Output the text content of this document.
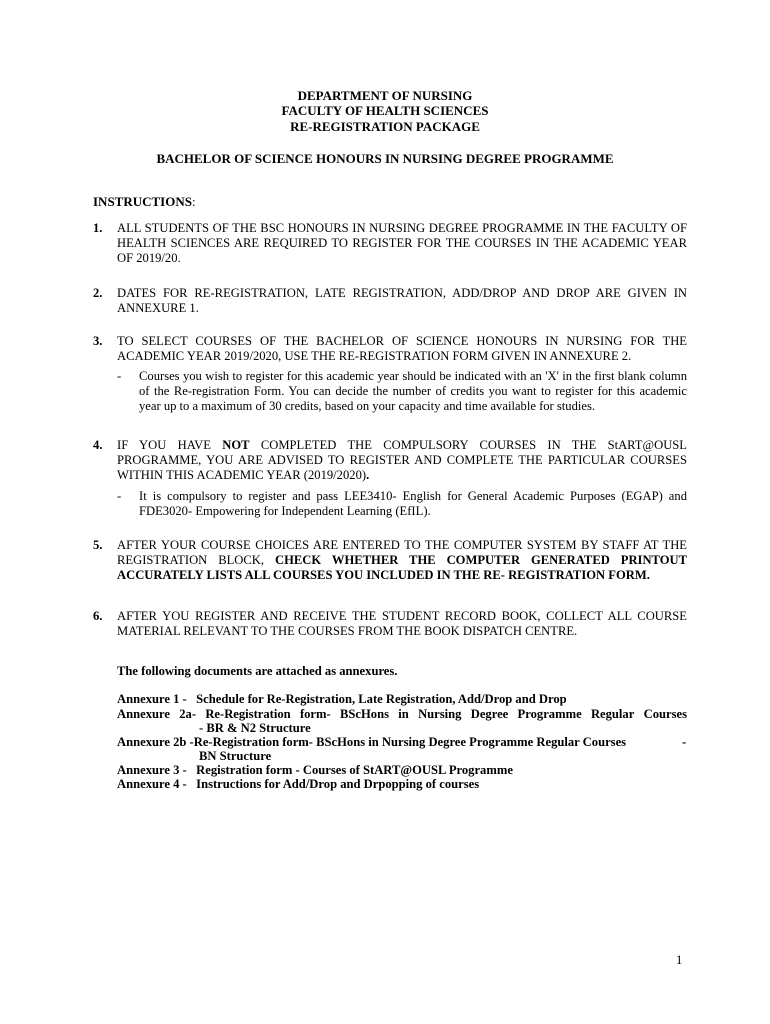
DEPARTMENT OF NURSING
FACULTY OF HEALTH SCIENCES
RE-REGISTRATION PACKAGE
BACHELOR OF SCIENCE HONOURS IN NURSING DEGREE PROGRAMME
INSTRUCTIONS:
1. ALL STUDENTS OF THE BSC HONOURS IN NURSING DEGREE PROGRAMME IN THE FACULTY OF HEALTH SCIENCES ARE REQUIRED TO REGISTER FOR THE COURSES IN THE ACADEMIC YEAR OF 2019/20.
2. DATES FOR RE-REGISTRATION, LATE REGISTRATION, ADD/DROP AND DROP ARE GIVEN IN ANNEXURE 1.
3. TO SELECT COURSES OF THE BACHELOR OF SCIENCE HONOURS IN NURSING FOR THE ACADEMIC YEAR 2019/2020, USE THE RE-REGISTRATION FORM GIVEN IN ANNEXURE 2.
- Courses you wish to register for this academic year should be indicated with an 'X' in the first blank column of the Re-registration Form. You can decide the number of credits you want to register for this academic year up to a maximum of 30 credits, based on your capacity and time available for studies.
4. IF YOU HAVE NOT COMPLETED THE COMPULSORY COURSES IN THE StART@OUSL PROGRAMME, YOU ARE ADVISED TO REGISTER AND COMPLETE THE PARTICULAR COURSES WITHIN THIS ACADEMIC YEAR (2019/2020).
- It is compulsory to register and pass LEE3410- English for General Academic Purposes (EGAP) and FDE3020- Empowering for Independent Learning (EfIL).
5. AFTER YOUR COURSE CHOICES ARE ENTERED TO THE COMPUTER SYSTEM BY STAFF AT THE REGISTRATION BLOCK, CHECK WHETHER THE COMPUTER GENERATED PRINTOUT ACCURATELY LISTS ALL COURSES YOU INCLUDED IN THE RE- REGISTRATION FORM.
6. AFTER YOU REGISTER AND RECEIVE THE STUDENT RECORD BOOK, COLLECT ALL COURSE MATERIAL RELEVANT TO THE COURSES FROM THE BOOK DISPATCH CENTRE.
The following documents are attached as annexures.
Annexure 1 -   Schedule for Re-Registration, Late Registration, Add/Drop and Drop
Annexure 2a- Re-Registration form- BScHons in Nursing Degree Programme Regular Courses
- BR & N2 Structure
Annexure 2b -Re-Registration form- BScHons in Nursing Degree Programme Regular Courses	-
BN Structure
Annexure 3 -   Registration form - Courses of StART@OUSL Programme
Annexure 4 -   Instructions for Add/Drop and Drpopping of courses
1
